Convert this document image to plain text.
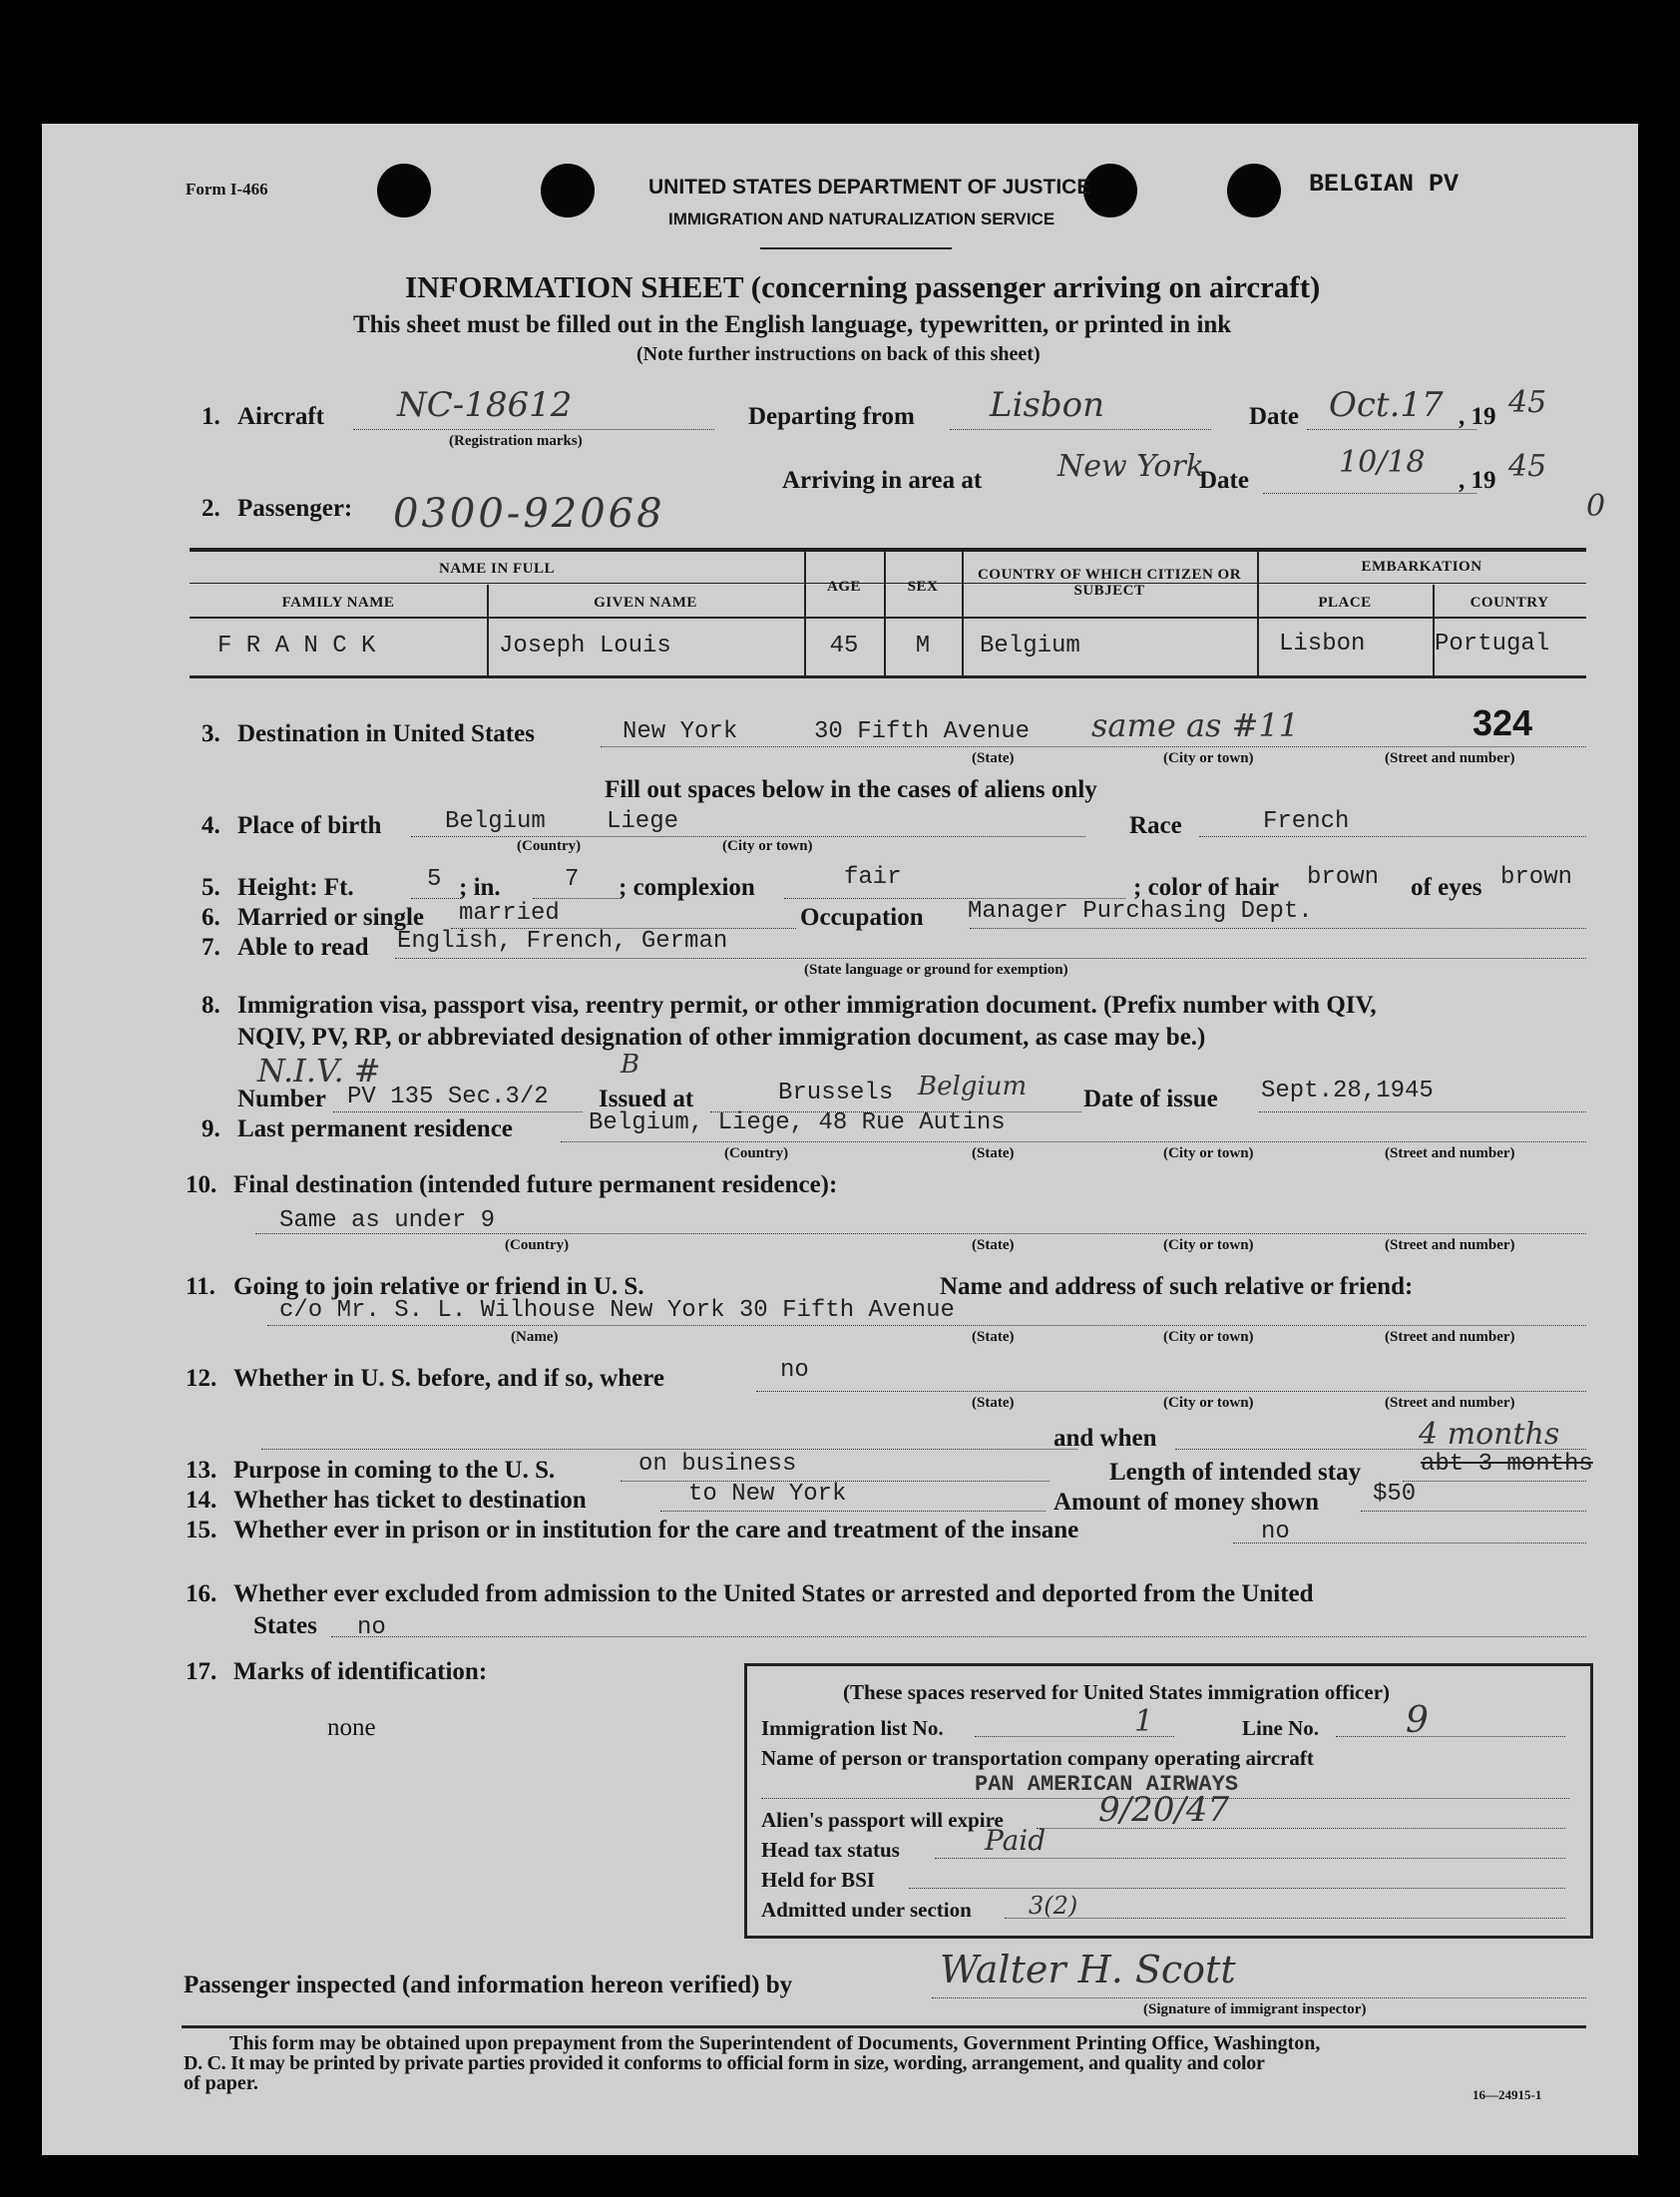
Form I-466	UNITED STATES DEPARTMENT OF JUSTICE
IMMIGRATION AND NATURALIZATION SERVICE
BELGIAN PV
INFORMATION SHEET (concerning passenger arriving on aircraft)
This sheet must be filled out in the English language, typewritten, or printed in ink
(Note further instructions on back of this sheet)
1. Aircraft NC-18612
(Registration marks)
Departing from Lisbon	Date Oct.17 , 19 45
Arriving in area at	New York
Date
10/18
, 19 45
0
2. Passenger: 0300-92068
NAME IN FULL
FAMILY NAME	GIVEN NAME
AGE	SEX
COUNTRY OF WHICH CITIZEN OR SUBJECT
EMBARKATION
PLACE	COUNTRY
F R A N C K	Joseph Louis	45	M	Belgium	Lisbon	Portugal
3. Destination in United States	New York	30 Fifth Avenue same as #11	324
(State)	(City or town)	(Street and number)
Fill out spaces below in the cases of aliens only
4. Place of birth	Belgium	Liege
(Country)	(City or town)
Race	French
5. Height: Ft.	5 ; in.	7 ; complexion	fair	; color of hair brown of eyes brown
6. Married or single married	Occupation Manager Purchasing Dept.
7. Able to read English, French, German
(State language or ground for exemption)
8. Immigration visa, passport visa, reentry permit, or other immigration document. (Prefix number with QIV,
NQIV, PV, RP, or abbreviated designation of other immigration document, as case may be.)
N.I.V. #	B
Number PV 135 Sec.3/2 Issued at	Brussels Belgium Date of issue Sept.28,1945
9. Last permanent residence	Belgium, Liege, 48 Rue Autins
(Country)	(State)	(City or town)	(Street and number)
10. Final destination (intended future permanent residence):
Same as under 9
(Country)	(State)	(City or town)	(Street and number)
11. Going to join relative or friend in U. S.	Name and address of such relative or friend:
c/o Mr. S. L. Wilhouse New York 30 Fifth Avenue
(Name)	(State)	(City or town)	(Street and number)
12. Whether in U. S. before, and if so, where	no
(State)	(City or town)	(Street and number)
and when
13. Purpose in coming to the U. S.	on business	Length of intended stay abt 3 months
4 months
14. Whether has ticket to destination	to New York	Amount of money shown $50
15. Whether ever in prison or in institution for the care and treatment of the insane	no
16. Whether ever excluded from admission to the United States or arrested and deported from the United
States no
17. Marks of identification:
none
(These spaces reserved for United States immigration officer)
Immigration list No.	1	Line No. 9
Name of person or transportation company operating aircraft
PAN AMERICAN AIRWAYS
Alien's passport will expire	9/20/47
Head tax status	Paid
Held for BSI
Admitted under section 3(2)
Passenger inspected (and information hereon verified) by	Walter H. Scott
(Signature of immigrant inspector)
This form may be obtained upon prepayment from the Superintendent of Documents, Government Printing Office, Washington,
D. C. It may be printed by private parties provided it conforms to official form in size, wording, arrangement, and quality and color
of paper.
16—24915-1
